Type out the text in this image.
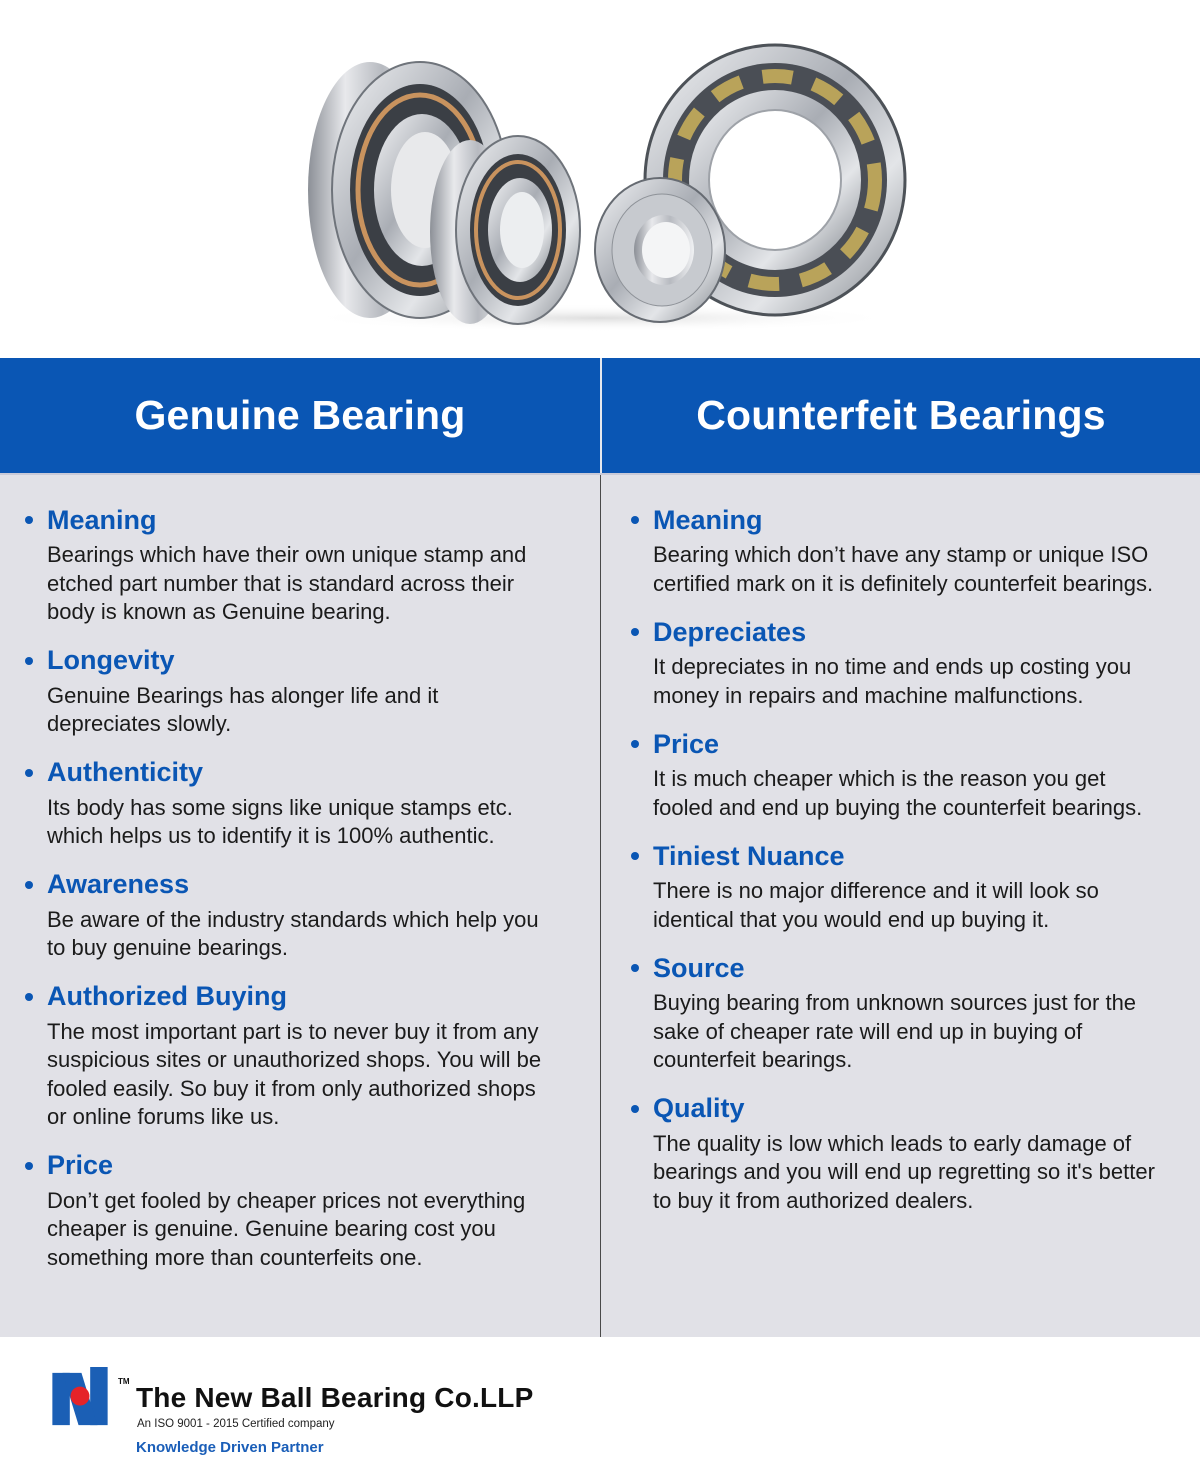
Genuine Bearing	Counterfeit Bearings
Meaning
Bearings which have their own unique stamp and etched part number that is standard across their body is known as Genuine bearing.
Longevity
Genuine Bearings has alonger life and it depreciates slowly.
Authenticity
Its body has some signs like unique stamps etc. which helps us to identify it is 100% authentic.
Awareness
Be aware of the industry standards which help you to buy genuine bearings.
Authorized Buying
The most important part is to never buy it from any suspicious sites or unauthorized shops. You will be fooled easily. So buy it from only authorized shops or online forums like us.
Price
Don’t get fooled by cheaper prices not everything cheaper is genuine. Genuine bearing cost you something more than counterfeits one.
Meaning
Bearing which don’t have any stamp or unique ISO certified mark on it is definitely counterfeit bearings.
Depreciates
It depreciates in no time and ends up costing you money in repairs and machine malfunctions.
Price
It is much cheaper which is the reason you get fooled and end up buying the counterfeit bearings.
Tiniest Nuance
There is no major difference and it will look so identical that you would end up buying it.
Source
Buying bearing from unknown sources just for the sake of cheaper rate will end up in buying of counterfeit bearings.
Quality
The quality is low which leads to early damage of bearings and you will end up regretting so it's better to buy it from authorized dealers.
TM
The New Ball Bearing Co.LLP
An ISO 9001 - 2015 Certified company
Knowledge Driven Partner
